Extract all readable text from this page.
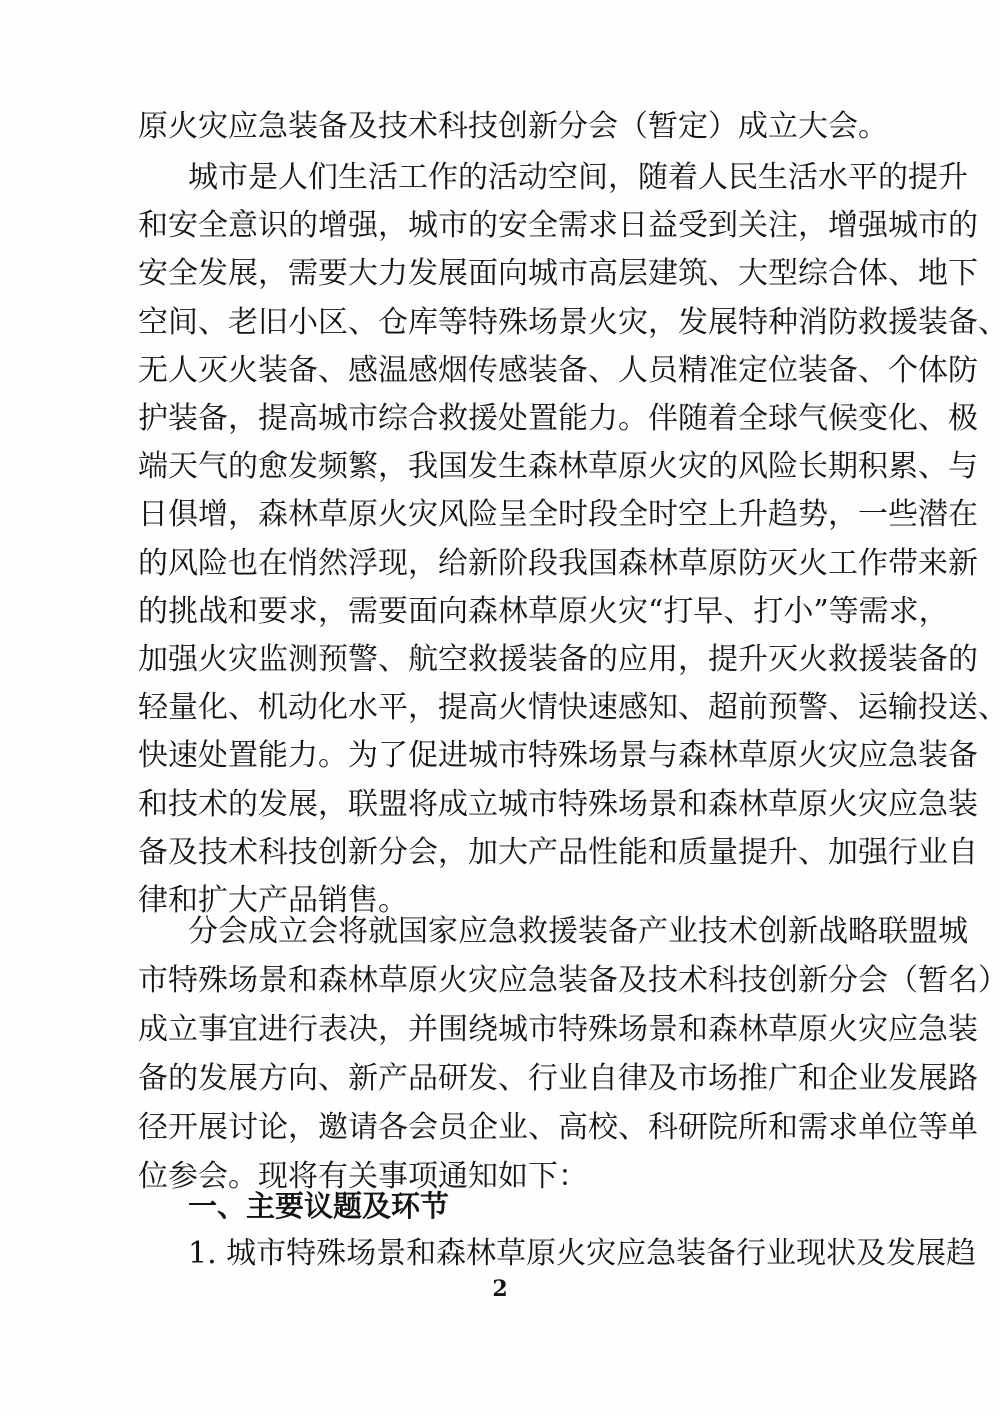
原火灾应急装备及技术科技创新分会（暂定）成立大会。
城市是人们生活工作的活动空间，随着人民生活水平的提升
和安全意识的增强，城市的安全需求日益受到关注，增强城市的
安全发展，需要大力发展面向城市高层建筑、大型综合体、地下
空间、老旧小区、仓库等特殊场景火灾，发展特种消防救援装备、
无人灭火装备、感温感烟传感装备、人员精准定位装备、个体防
护装备，提高城市综合救援处置能力。伴随着全球气候变化、极
端天气的愈发频繁，我国发生森林草原火灾的风险长期积累、与
日俱增，森林草原火灾风险呈全时段全时空上升趋势，一些潜在
的风险也在悄然浮现，给新阶段我国森林草原防灭火工作带来新
的挑战和要求，需要面向森林草原火灾“打早、打小”等需求，
加强火灾监测预警、航空救援装备的应用，提升灭火救援装备的
轻量化、机动化水平，提高火情快速感知、超前预警、运输投送、
快速处置能力。为了促进城市特殊场景与森林草原火灾应急装备
和技术的发展，联盟将成立城市特殊场景和森林草原火灾应急装
备及技术科技创新分会，加大产品性能和质量提升、加强行业自
律和扩大产品销售。
分会成立会将就国家应急救援装备产业技术创新战略联盟城
市特殊场景和森林草原火灾应急装备及技术科技创新分会（暂名）
成立事宜进行表决，并围绕城市特殊场景和森林草原火灾应急装
备的发展方向、新产品研发、行业自律及市场推广和企业发展路
径开展讨论，邀请各会员企业、高校、科研院所和需求单位等单
位参会。现将有关事项通知如下：
2
一、主要议题及环节
1. 城市特殊场景和森林草原火灾应急装备行业现状及发展趋
